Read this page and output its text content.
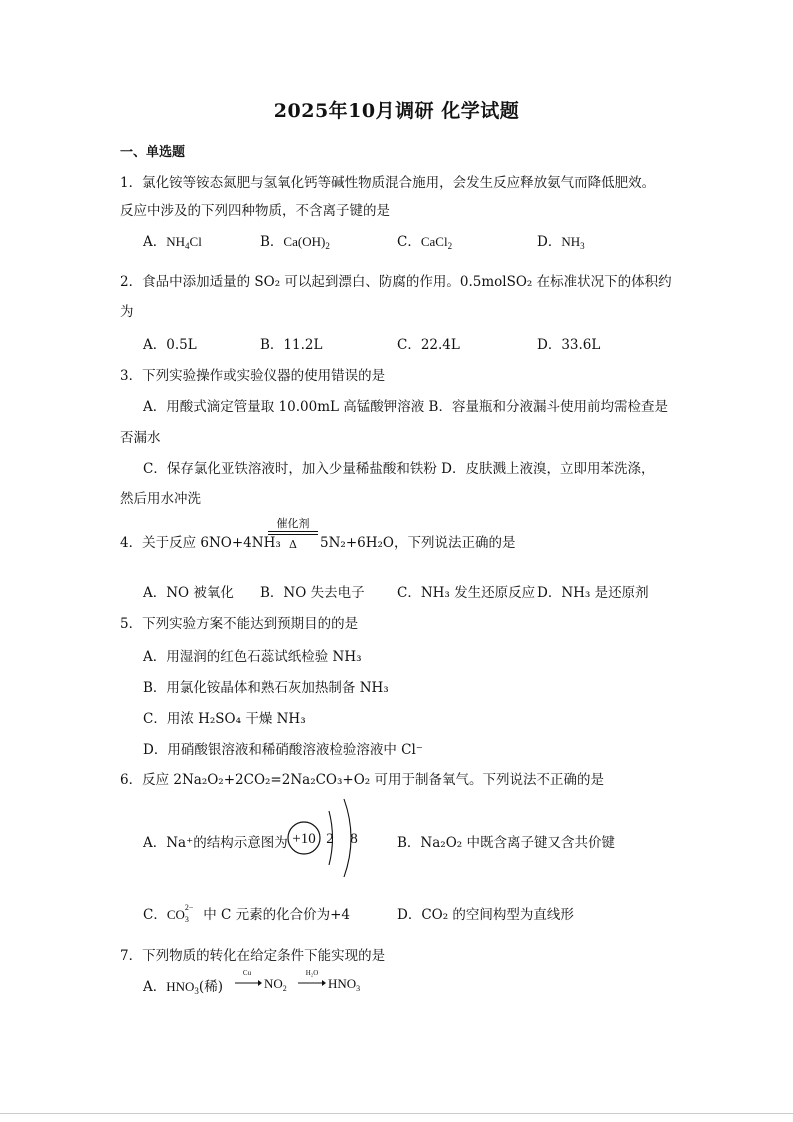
2025年10月调研 化学试题
一、单选题
1．氯化铵等铵态氮肥与氢氧化钙等碱性物质混合施用，会发生反应释放氨气而降低肥效。
反应中涉及的下列四种物质，不含离子键的是
A．$NH_4Cl$	B．$Ca(OH)_2$	C．CaCl$_2$	D．$NH_3$
2．食品中添加适量的 SO₂ 可以起到漂白、防腐的作用。0.5molSO₂ 在标准状况下的体积约
为
A．0.5L	B．11.2L	C．22.4L	D．33.6L
3．下列实验操作或实验仪器的使用错误的是
A．用酸式滴定管量取 10.00mL 高锰酸钾溶液 B．容量瓶和分液漏斗使用前均需检查是
否漏水
C．保存氯化亚铁溶液时，加入少量稀盐酸和铁粉 D．皮肤溅上液溴，立即用苯洗涤，
然后用水冲洗
4．关于反应 6NO+4NH₃
催化剂
Δ	5N₂+6H₂O，下列说法正确的是
A．NO 被氧化 B．NO 失去电子 C．NH₃ 发生还原反应 D．NH₃ 是还原剂
5．下列实验方案不能达到预期目的的是
A．用湿润的红色石蕊试纸检验 NH₃
B．用氯化铵晶体和熟石灰加热制备 NH₃
C．用浓 H₂SO₄ 干燥 NH₃
D．用硝酸银溶液和稀硝酸溶液检验溶液中 Cl⁻
6．反应 2Na₂O₂+2CO₂=2Na₂CO₃+O₂ 可用于制备氧气。下列说法不正确的是
A．Na⁺的结构示意图为 +10 2 8	B．Na₂O₂ 中既含离子键又含共价键
C．CO 2−
3 中 C 元素的化合价为+4	D．CO₂ 的空间构型为直线形
7．下列物质的转化在给定条件下能实现的是
A．$HNO_3$(稀)
Cu
$NO_2$
H₂O
$HNO_3$
